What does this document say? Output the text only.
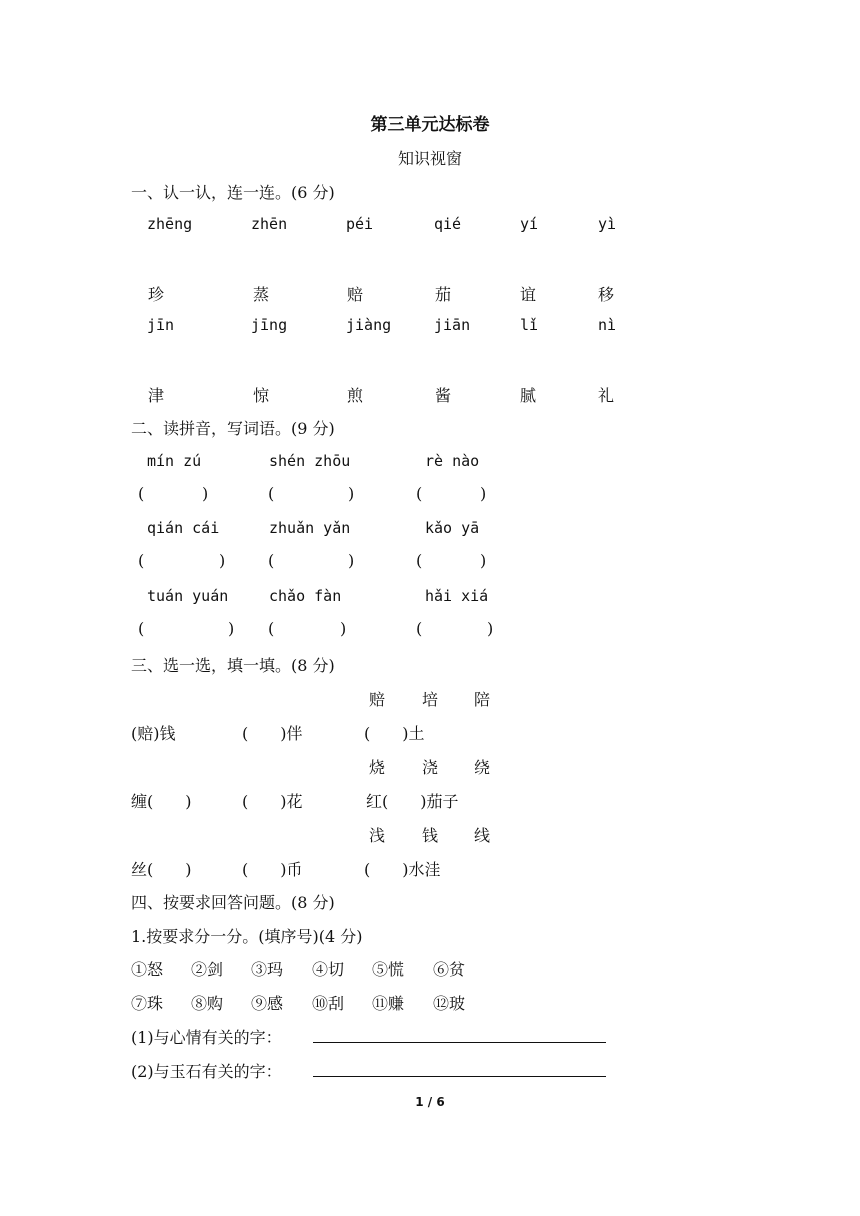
第三单元达标卷
知识视窗
一、认一认，连一连。(6 分)
zhēng	zhēn	péi	qié	yí	yì
珍	蒸	赔	茄	谊	移
jīn	jīng	jiàng	jiān	lǐ	nì
津	惊	煎	酱	腻	礼
二、读拼音，写词语。(9 分)
mín zú	shén zhōu	rè nào
(	)	(	)	(	)
qián cái	zhuǎn yǎn	kǎo yā
(	)	(	)	(	)
tuán yuán	chǎo fàn	hǎi xiá
(	) (	)	(	)
三、选一选，填一填。(8 分)
赔 培 陪
(赔)钱	(　　)伴	(　　)土
烧 浇 绕
缠(　　)	(　　)花	红(　　)茄子
浅 钱 线
丝(　　)	(　　)币	(　　)水洼
四、按要求回答问题。(8 分)
1.按要求分一分。(填序号)(4 分)
①怒 ②剑 ③玛 ④切 ⑤慌 ⑥贫
⑦珠 ⑧购 ⑨感 ⑩刮 ⑪赚 ⑫玻
(1)与心情有关的字：
(2)与玉石有关的字：
1 / 6
